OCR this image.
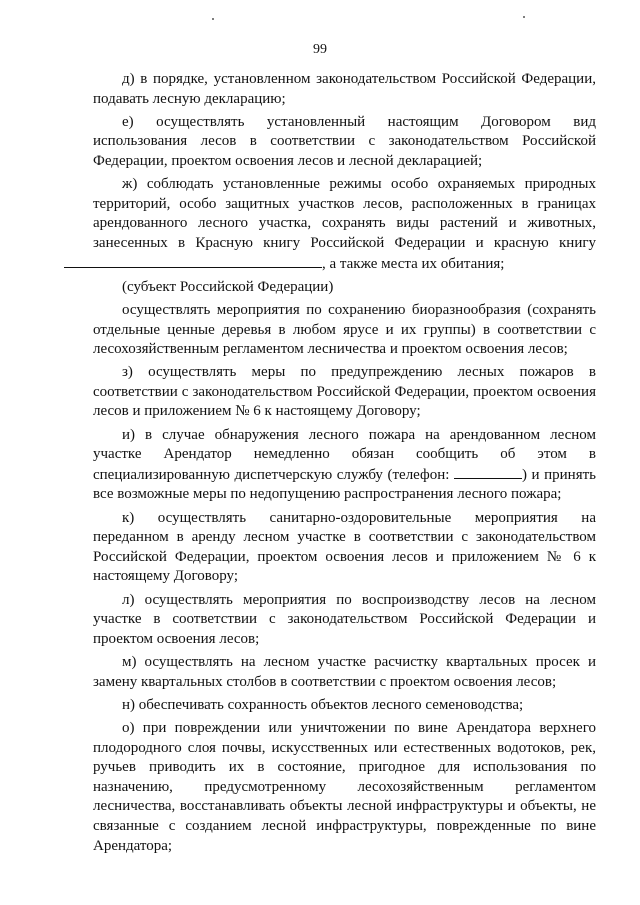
99

д) в порядке, установленном законодательством Российской Федерации, подавать лесную декларацию;

е) осуществлять установленный настоящим Договором вид использования лесов в соответствии с законодательством Российской Федерации, проектом освоения лесов и лесной декларацией;

ж) соблюдать установленные режимы особо охраняемых природных территорий, особо защитных участков лесов, расположенных в границах арендованного лесного участка, сохранять виды растений и животных, занесенных в Красную книгу Российской Федерации и красную книгу , а также места их обитания;

(субъект Российской Федерации)

осуществлять мероприятия по сохранению биоразнообразия (сохранять отдельные ценные деревья в любом ярусе и их группы) в соответствии с лесохозяйственным регламентом лесничества и проектом освоения лесов;

з) осуществлять меры по предупреждению лесных пожаров в соответствии с законодательством Российской Федерации, проектом освоения лесов и приложением № 6 к настоящему Договору;

и) в случае обнаружения лесного пожара на арендованном лесном участке Арендатор немедленно обязан сообщить об этом в специализированную диспетчерскую службу (телефон:	) и принять все возможные меры по недопущению распространения лесного пожара;

к) осуществлять санитарно-оздоровительные мероприятия на переданном в аренду лесном участке в соответствии с законодательством Российской Федерации, проектом освоения лесов и приложением № 6 к настоящему Договору;

л) осуществлять мероприятия по воспроизводству лесов на лесном участке в соответствии с законодательством Российской Федерации и проектом освоения лесов;

м) осуществлять на лесном участке расчистку квартальных просек и замену квартальных столбов в соответствии с проектом освоения лесов;

н) обеспечивать сохранность объектов лесного семеноводства;

о) при повреждении или уничтожении по вине Арендатора верхнего плодородного слоя почвы, искусственных или естественных водотоков, рек, ручьев приводить их в состояние, пригодное для использования по назначению, предусмотренному лесохозяйственным регламентом лесничества, восстанавливать объекты лесной инфраструктуры и объекты, не связанные с созданием лесной инфраструктуры, поврежденные по вине Арендатора;
